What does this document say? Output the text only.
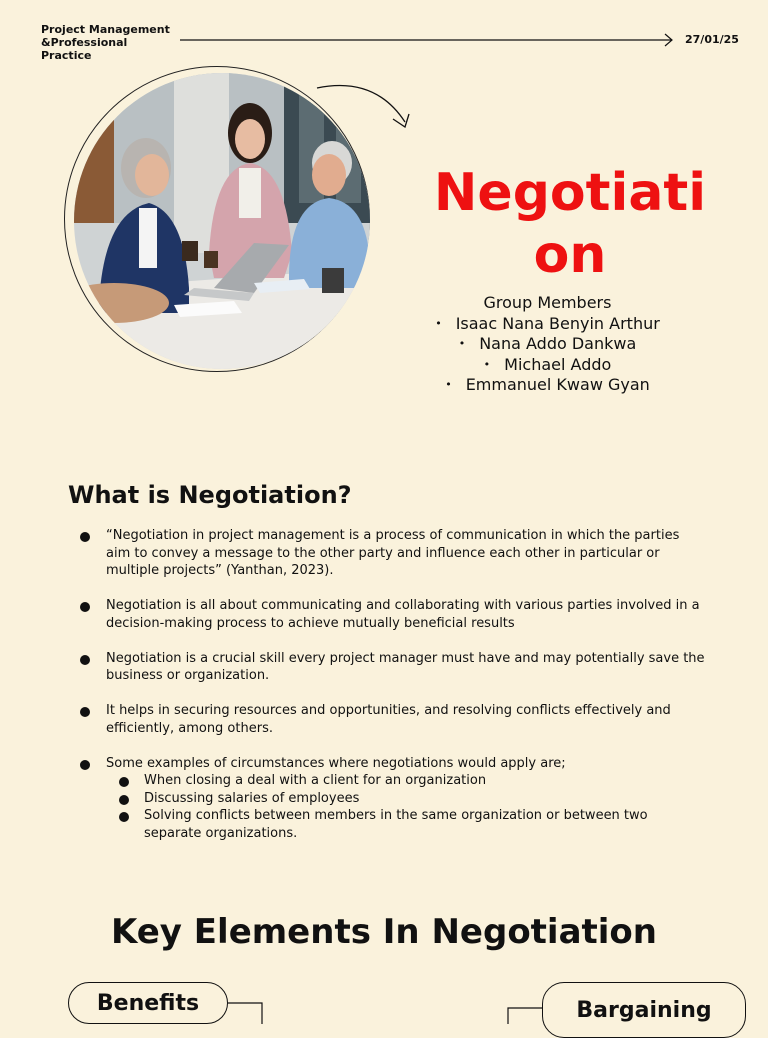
Project Management &Professional Practice
27/01/25
Negotiation
Group Members
• Isaac Nana Benyin Arthur
• Nana Addo Dankwa
• Michael Addo
• Emmanuel Kwaw Gyan
What is Negotiation?
“Negotiation in project management is a process of communication in which the parties aim to convey a message to the other party and influence each other in particular or multiple projects” (Yanthan, 2023).
Negotiation is all about communicating and collaborating with various parties involved in a decision-making process to achieve mutually beneficial results
Negotiation is a crucial skill every project manager must have and may potentially save the business or organization.
It helps in securing resources and opportunities, and resolving conflicts effectively and efficiently, among others.
Some examples of circumstances where negotiations would apply are;
When closing a deal with a client for an organization
Discussing salaries of employees
Solving conflicts between members in the same organization or between two separate organizations.
Key Elements In Negotiation
Benefits	Bargaining
